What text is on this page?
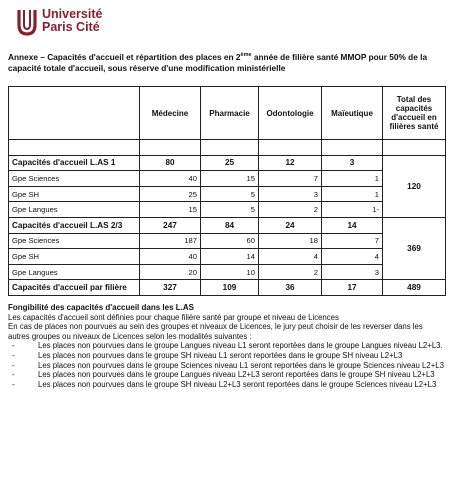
Université
Paris Cité
Annexe – Capacités d'accueil et répartition des places en 2ème année de filière santé MMOP pour 50% de la capacité totale d'accueil, sous réserve d'une modification ministérielle
	Médecine	Pharmacie	Odontologie	Maïeutique	Total des capacités d'accueil en filières santé

Capacités d'accueil L.AS 1	80	25	12	3	120
Gpe Sciences	40	15	7	1	
Gpe SH	25	5	3	1	
Gpe Langues	15	5	2	1-	
Capacités d'accueil L.AS 2/3	247	84	24	14	369
Gpe Sciences	187	60	18	7	
Gpe SH	40	14	4	4	
Gpe Langues	20	10	2	3	
Capacités d'accueil par filière	327	109	36	17	489

Fongibilité des capacités d'accueil dans les L.AS

Les capacités d'accueil sont définies pour chaque filière santé par groupe et niveau de Licences

En cas de places non pourvues au sein des groupes et niveaux de Licences, le jury peut choisir de les reverser dans les autres groupes ou niveaux de Licences selon les modalités suivantes :

-	Les places non pourvues dans le groupe Langues niveau L1 seront reportées dans le groupe Langues niveau L2+L3.
-	Les places non pourvues dans le groupe SH niveau L1 seront reportées dans le groupe SH niveau L2+L3
-	Les places non pourvues dans le groupe Sciences niveau L1 seront reportées dans le groupe Sciences niveau L2+L3
-	Les places non pourvues dans le groupe Langues niveau L2+L3 seront reportées dans le groupe SH niveau L2+L3
-	Les places non pourvues dans le groupe SH niveau L2+L3 seront reportées dans le groupe Sciences niveau L2+L3
